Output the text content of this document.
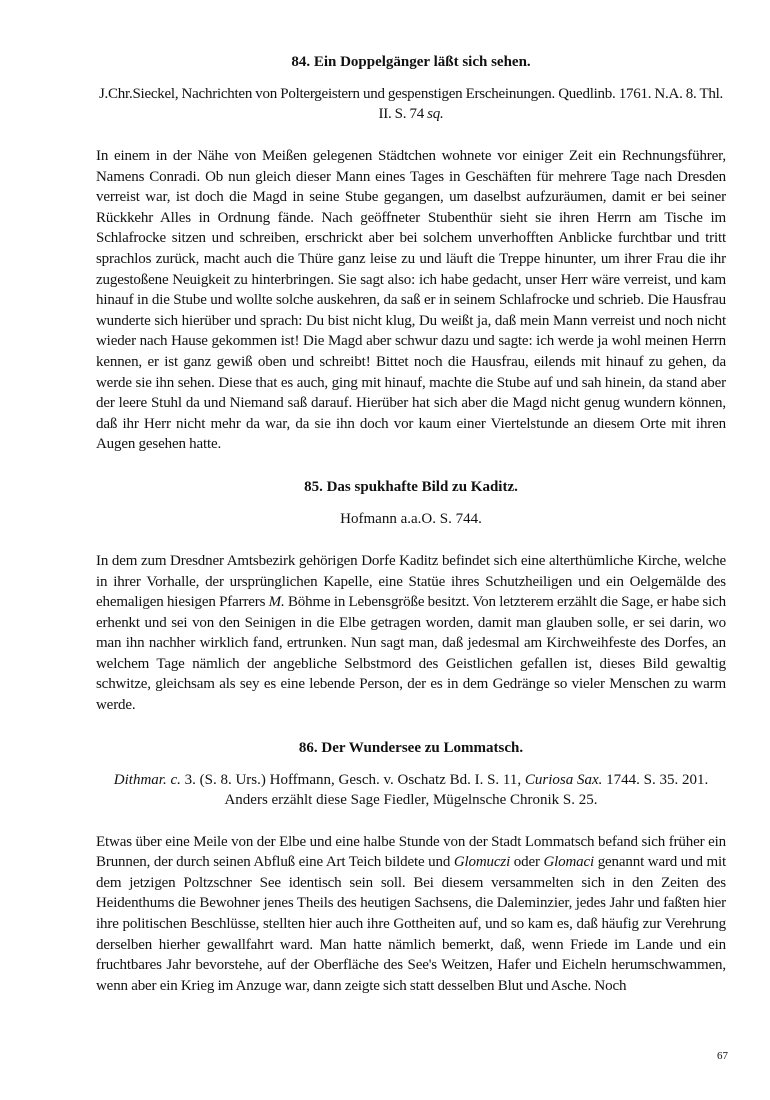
84. Ein Doppelgänger läßt sich sehen.

J.Chr.Sieckel, Nachrichten von Poltergeistern und gespenstigen Erscheinungen. Quedlinb. 1761. N.A. 8. Thl. II. S. 74 sq.

In einem in der Nähe von Meißen gelegenen Städtchen wohnete vor einiger Zeit ein Rechnungsführer, Namens Conradi. Ob nun gleich dieser Mann eines Tages in Geschäften für mehrere Tage nach Dresden verreist war, ist doch die Magd in seine Stube gegangen, um daselbst aufzuräumen, damit er bei seiner Rückkehr Alles in Ordnung fände. Nach geöffneter Stubenthür sieht sie ihren Herrn am Tische im Schlafrocke sitzen und schreiben, erschrickt aber bei solchem unverhofften Anblicke furchtbar und tritt sprachlos zurück, macht auch die Thüre ganz leise zu und läuft die Treppe hinunter, um ihrer Frau die ihr zugestoßene Neuigkeit zu hinterbringen. Sie sagt also: ich habe gedacht, unser Herr wäre verreist, und kam hinauf in die Stube und wollte solche auskehren, da saß er in seinem Schlafrocke und schrieb. Die Hausfrau wunderte sich hierüber und sprach: Du bist nicht klug, Du weißt ja, daß mein Mann verreist und noch nicht wieder nach Hause gekommen ist! Die Magd aber schwur dazu und sagte: ich werde ja wohl meinen Herrn kennen, er ist ganz gewiß oben und schreibt! Bittet noch die Hausfrau, eilends mit hinauf zu gehen, da werde sie ihn sehen. Diese that es auch, ging mit hinauf, machte die Stube auf und sah hinein, da stand aber der leere Stuhl da und Niemand saß darauf. Hierüber hat sich aber die Magd nicht genug wundern können, daß ihr Herr nicht mehr da war, da sie ihn doch vor kaum einer Viertelstunde an diesem Orte mit ihren Augen gesehen hatte.

85. Das spukhafte Bild zu Kaditz.

Hofmann a.a.O. S. 744.

In dem zum Dresdner Amtsbezirk gehörigen Dorfe Kaditz befindet sich eine alterthümliche Kirche, welche in ihrer Vorhalle, der ursprünglichen Kapelle, eine Statüe ihres Schutzheiligen und ein Oelgemälde des ehemaligen hiesigen Pfarrers M. Böhme in Lebensgröße besitzt. Von letzterem erzählt die Sage, er habe sich erhenkt und sei von den Seinigen in die Elbe getragen worden, damit man glauben solle, er sei darin, wo man ihn nachher wirklich fand, ertrunken. Nun sagt man, daß jedesmal am Kirchweihfeste des Dorfes, an welchem Tage nämlich der angebliche Selbstmord des Geistlichen gefallen ist, dieses Bild gewaltig schwitze, gleichsam als sey es eine lebende Person, der es in dem Gedränge so vieler Menschen zu warm werde.

86. Der Wundersee zu Lommatsch.

Dithmar. c. 3. (S. 8. Urs.) Hoffmann, Gesch. v. Oschatz Bd. I. S. 11, Curiosa Sax. 1744. S. 35. 201. Anders erzählt diese Sage Fiedler, Mügelnsche Chronik S. 25.

Etwas über eine Meile von der Elbe und eine halbe Stunde von der Stadt Lommatsch befand sich früher ein Brunnen, der durch seinen Abfluß eine Art Teich bildete und Glomuczi oder Glomaci genannt ward und mit dem jetzigen Poltzschner See identisch sein soll. Bei diesem versammelten sich in den Zeiten des Heidenthums die Bewohner jenes Theils des heutigen Sachsens, die Daleminzier, jedes Jahr und faßten hier ihre politischen Beschlüsse, stellten hier auch ihre Gottheiten auf, und so kam es, daß häufig zur Verehrung derselben hierher gewallfahrt ward. Man hatte nämlich bemerkt, daß, wenn Friede im Lande und ein fruchtbares Jahr bevorstehe, auf der Oberfläche des See's Weitzen, Hafer und Eicheln herumschwammen, wenn aber ein Krieg im Anzuge war, dann zeigte sich statt desselben Blut und Asche. Noch

67
